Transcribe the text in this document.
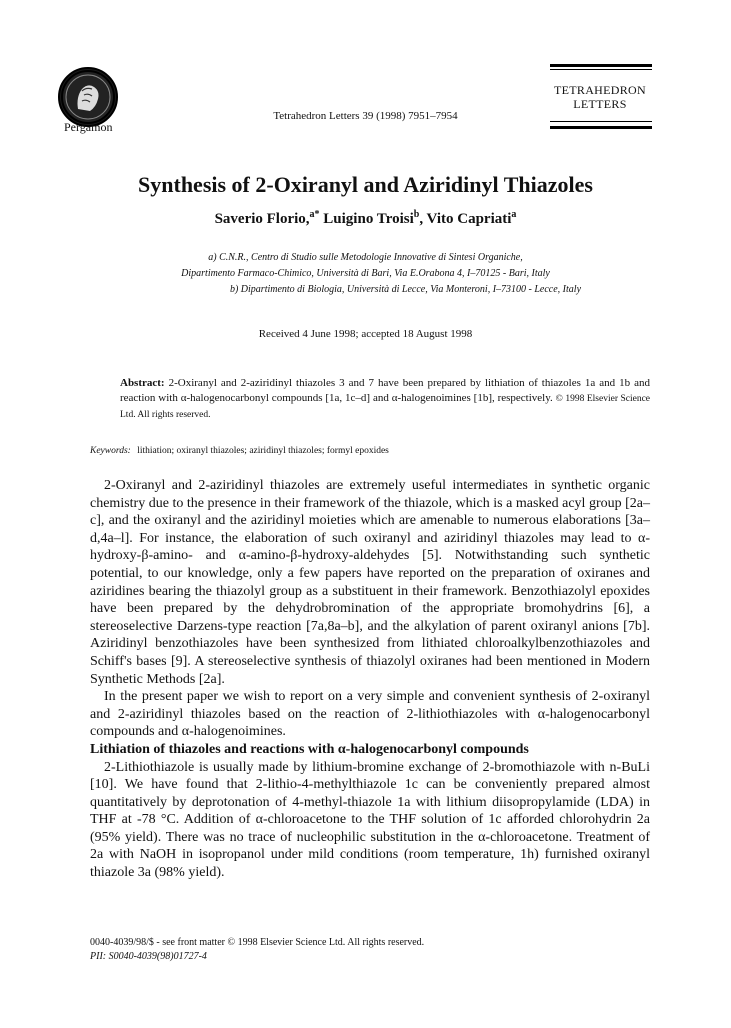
Pergamon
Tetrahedron Letters 39 (1998) 7951–7954
TETRAHEDRON
LETTERS
Synthesis of 2-Oxiranyl and Aziridinyl Thiazoles
Saverio Florio,$^{a*}$ Luigino Troisi$^b$, Vito Capriati$^a$
a) C.N.R., Centro di Studio sulle Metodologie Innovative di Sintesi Organiche,
Dipartimento Farmaco-Chimico, Università di Bari, Via E.Orabona 4, I–70125 - Bari, Italy
b) Dipartimento di Biologia, Università di Lecce, Via Monteroni, I–73100 - Lecce, Italy
Received 4 June 1998; accepted 18 August 1998
Abstract: 2-Oxiranyl and 2-aziridinyl thiazoles 3 and 7 have been prepared by lithiation of thiazoles 1a and 1b and reaction with α-halogenocarbonyl compounds [1a, 1c–d] and α-halogenoimines [1b], respectively. © 1998 Elsevier Science Ltd. All rights reserved.
Keywords: lithiation; oxiranyl thiazoles; aziridinyl thiazoles; formyl epoxides

2-Oxiranyl and 2-aziridinyl thiazoles are extremely useful intermediates in synthetic organic chemistry due to the presence in their framework of the thiazole, which is a masked acyl group [2a–c], and the oxiranyl and the aziridinyl moieties which are amenable to numerous elaborations [3a–d,4a–l]. For instance, the elaboration of such oxiranyl and aziridinyl thiazoles may lead to α-hydroxy-β-amino- and α-amino-β-hydroxy-aldehydes [5]. Notwithstanding such synthetic potential, to our knowledge, only a few papers have reported on the preparation of oxiranes and aziridines bearing the thiazolyl group as a substituent in their framework. Benzothiazolyl epoxides have been prepared by the dehydrobromination of the appropriate bromohydrins [6], a stereoselective Darzens-type reaction [7a,8a–b], and the alkylation of parent oxiranyl anions [7b]. Aziridinyl benzothiazoles have been synthesized from lithiated chloroalkylbenzothiazoles and Schiff's bases [9]. A stereoselective synthesis of thiazolyl oxiranes had been mentioned in Modern Synthetic Methods [2a].

In the present paper we wish to report on a very simple and convenient synthesis of 2-oxiranyl and 2-aziridinyl thiazoles based on the reaction of 2-lithiothiazoles with α-halogenocarbonyl compounds and α-halogenoimines.

Lithiation of thiazoles and reactions with α-halogenocarbonyl compounds

2-Lithiothiazole is usually made by lithium-bromine exchange of 2-bromothiazole with n-BuLi [10]. We have found that 2-lithio-4-methylthiazole 1c can be conveniently prepared almost quantitatively by deprotonation of 4-methyl-thiazole 1a with lithium diisopropylamide (LDA) in THF at -78 °C. Addition of α-chloroacetone to the THF solution of 1c afforded chlorohydrin 2a (95% yield). There was no trace of nucleophilic substitution in the α-chloroacetone. Treatment of 2a with NaOH in isopropanol under mild conditions (room temperature, 1h) furnished oxiranyl thiazole 3a (98% yield).

0040-4039/98/$ - see front matter © 1998 Elsevier Science Ltd. All rights reserved.
PII: S0040-4039(98)01727-4
